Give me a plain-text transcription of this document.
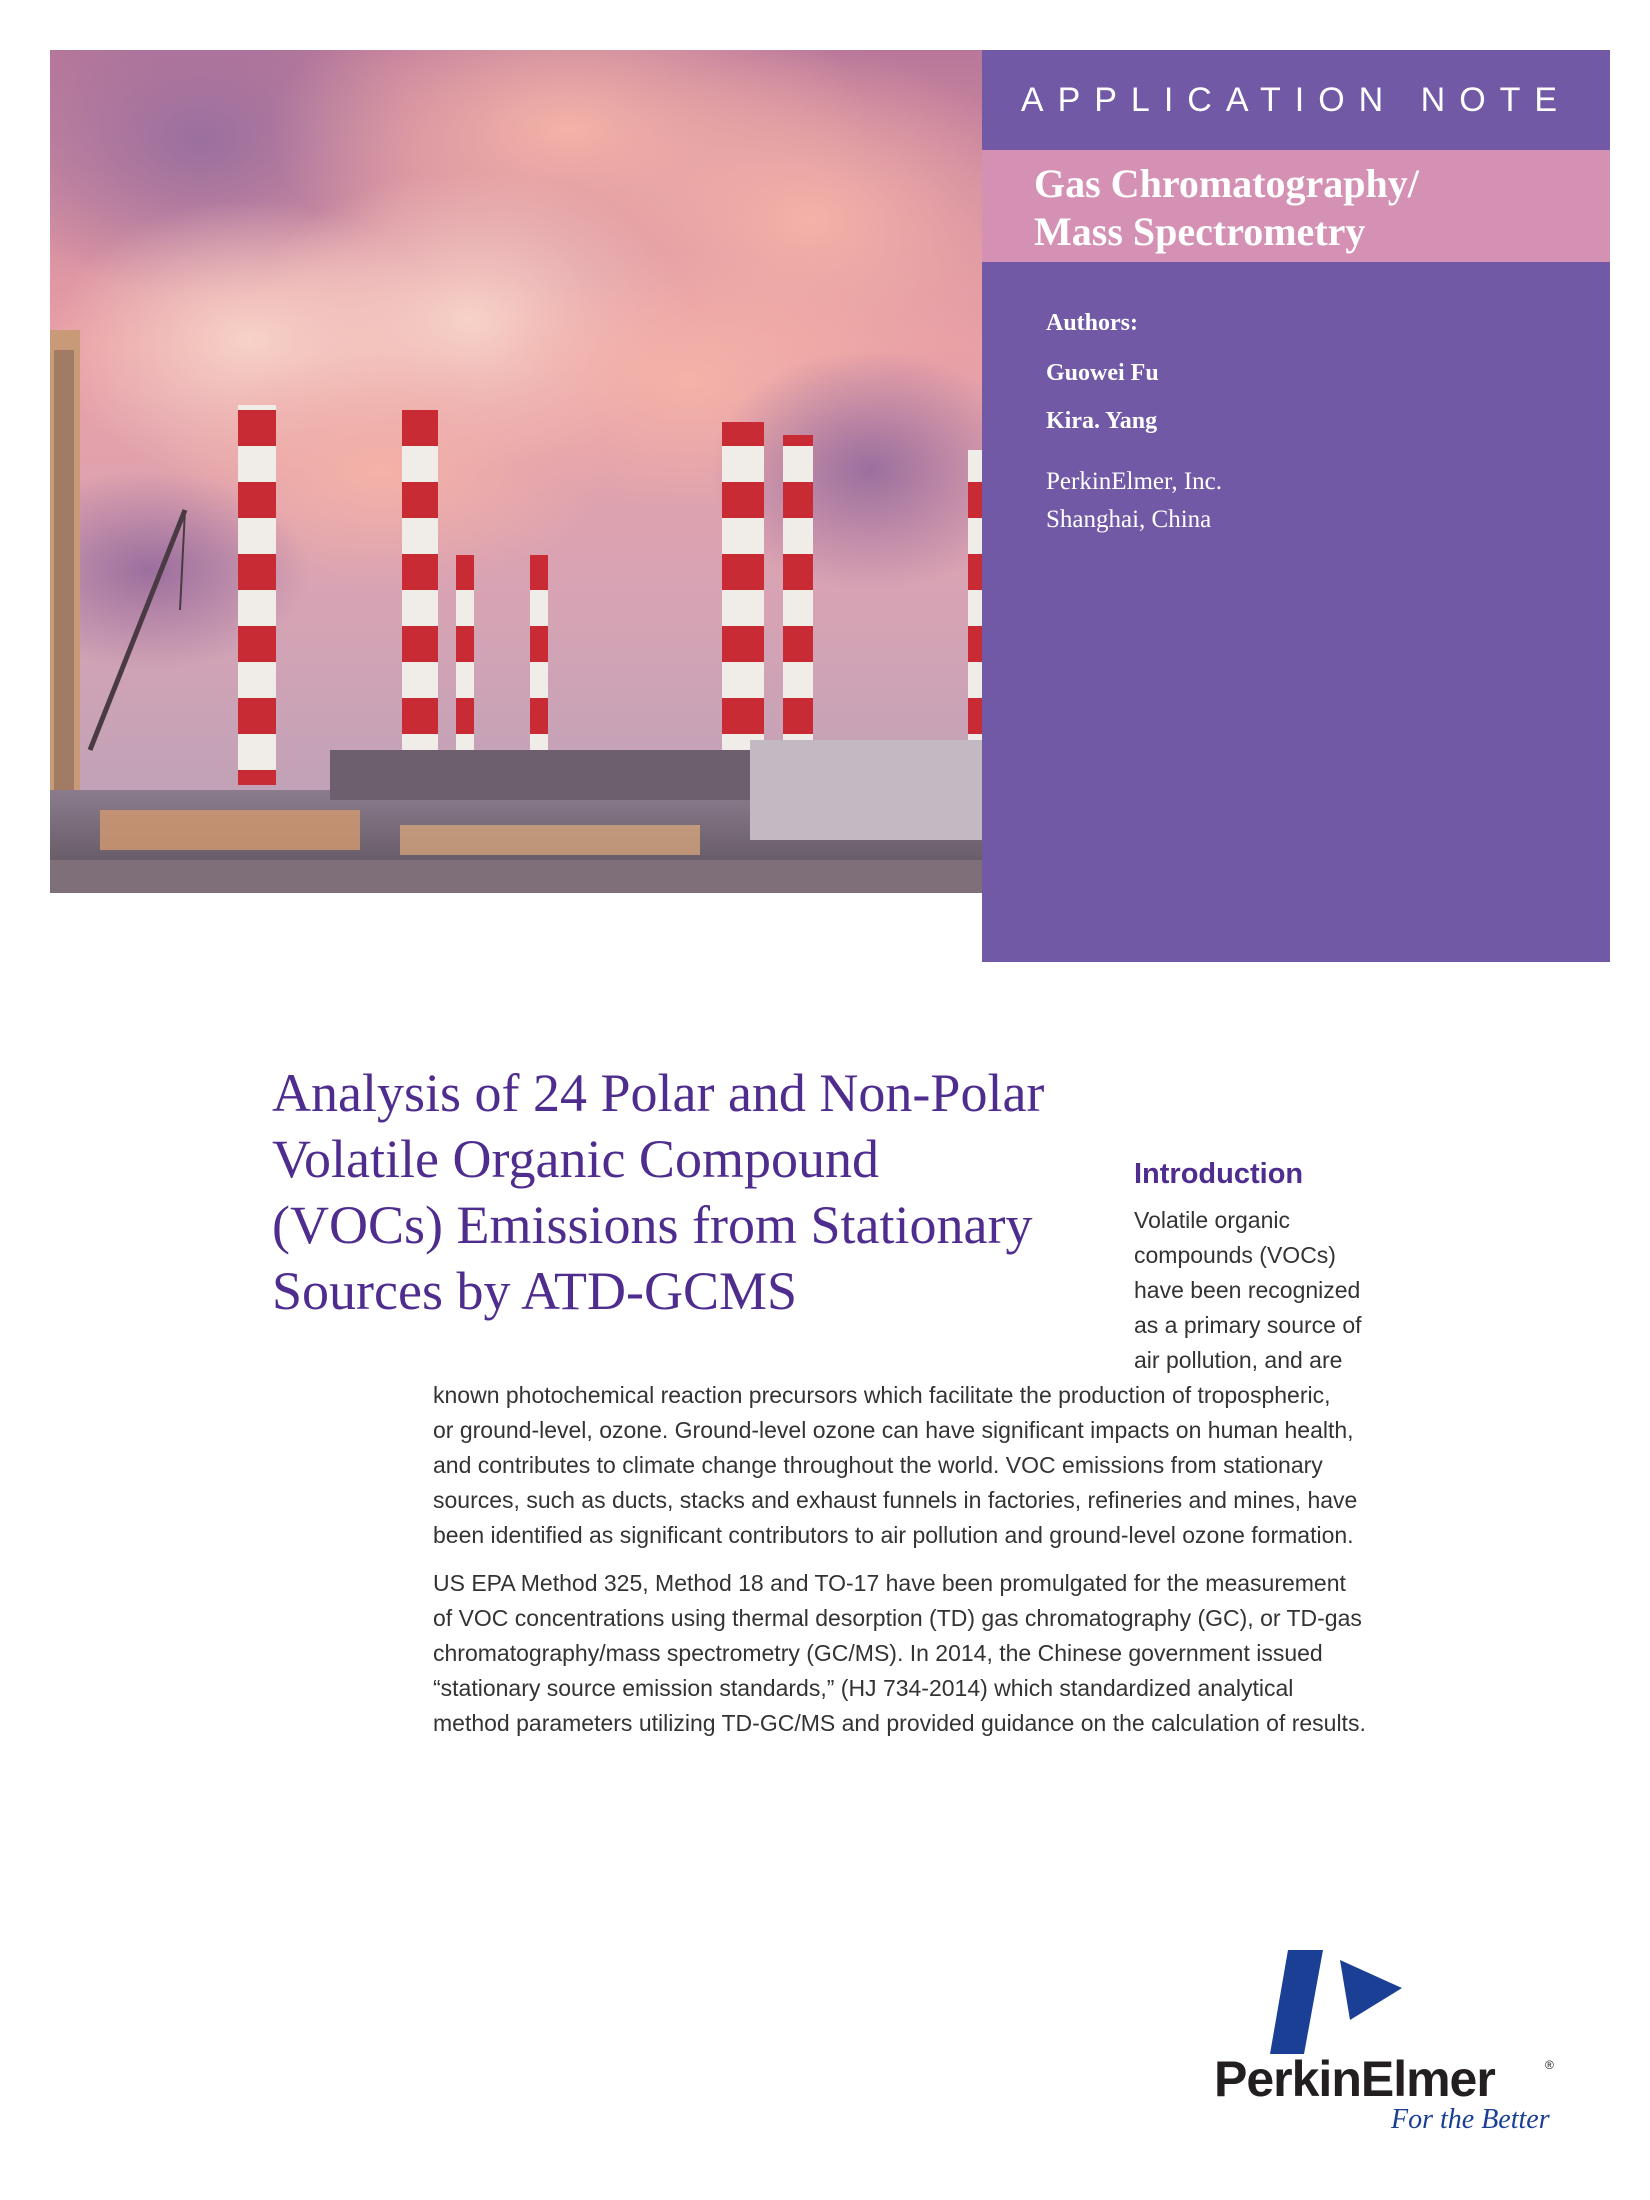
APPLICATION NOTE
Gas Chromatography/
Mass Spectrometry
Authors:
Guowei Fu
Kira. Yang
PerkinElmer, Inc.
Shanghai, China
Analysis of 24 Polar and Non-Polar
Volatile Organic Compound
(VOCs) Emissions from Stationary
Sources by ATD-GCMS
Introduction
Volatile organic
compounds (VOCs)
have been recognized
as a primary source of
air pollution, and are
known photochemical reaction precursors which facilitate the production of tropospheric,
or ground-level, ozone. Ground-level ozone can have significant impacts on human health,
and contributes to climate change throughout the world. VOC emissions from stationary
sources, such as ducts, stacks and exhaust funnels in factories, refineries and mines, have
been identified as significant contributors to air pollution and ground-level ozone formation.
US EPA Method 325, Method 18 and TO-17 have been promulgated for the measurement
of VOC concentrations using thermal desorption (TD) gas chromatography (GC), or TD-gas
chromatography/mass spectrometry (GC/MS). In 2014, the Chinese government issued
“stationary source emission standards,” (HJ 734-2014) which standardized analytical
method parameters utilizing TD-GC/MS and provided guidance on the calculation of results.
PerkinElmer	®
For the Better
